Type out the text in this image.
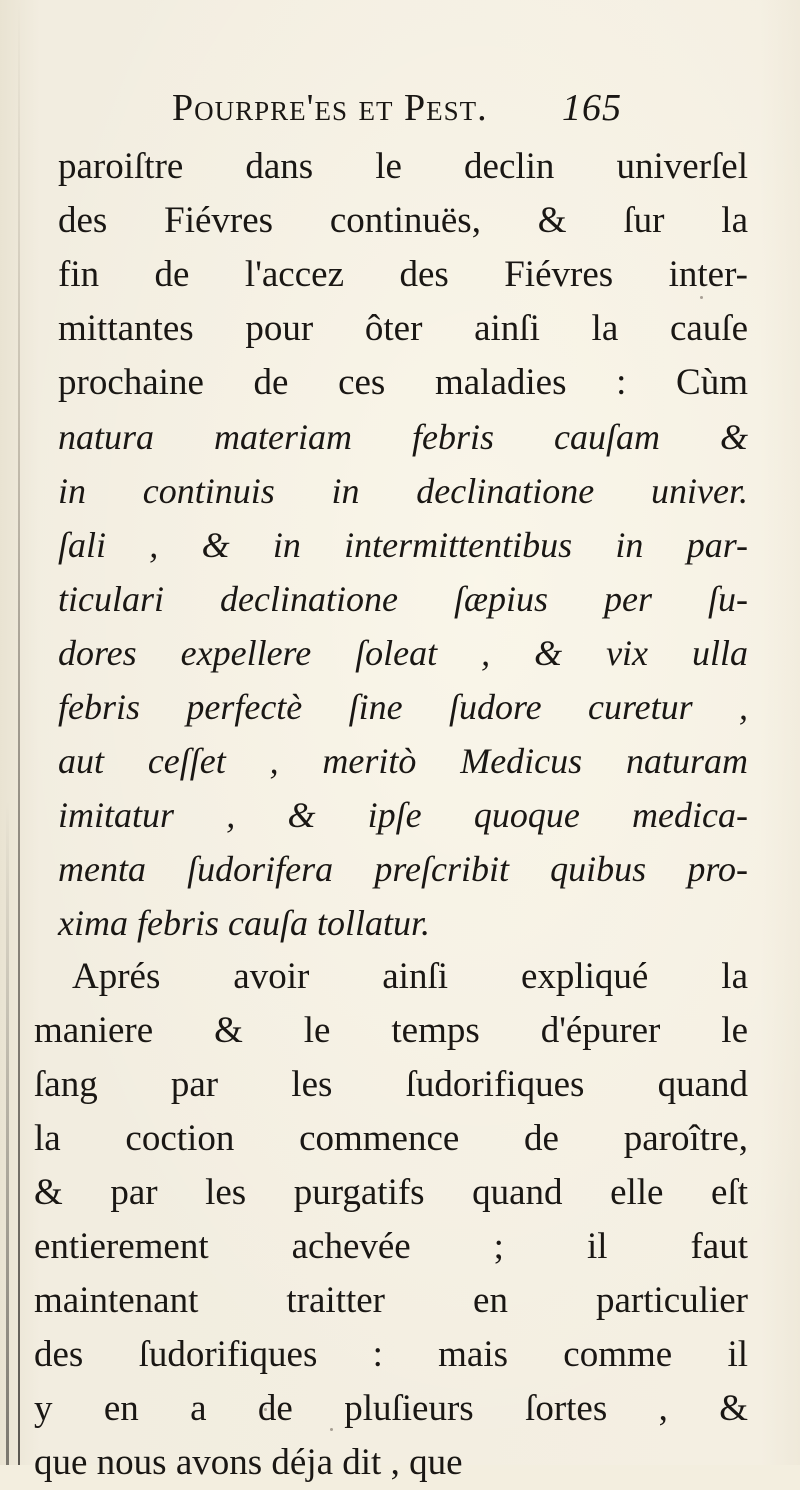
Pourpre'es et Pest. 165
paroiſtre dans le declin univerſel
des Fiévres continuës, & ſur la
fin de l'accez des Fiévres inter-
mittantes pour ôter ainſi la cauſe
prochaine de ces maladies : Cùm
natura materiam febris cauſam &
in continuis in declinatione univer.
ſali , & in intermittentibus in par-
ticulari declinatione ſæpius per ſu-
dores expellere ſoleat , & vix ulla
febris perfectè ſine ſudore curetur ,
aut ceſſet , meritò Medicus naturam
imitatur , & ipſe quoque medica-
menta ſudorifera preſcribit quibus pro-
xima febris cauſa tollatur.
Aprés avoir ainſi expliqué la
maniere & le temps d'épurer le
ſang par les ſudorifiques quand
la coction commence de paroître,
& par les purgatifs quand elle eſt
entierement achevée ; il faut
maintenant traitter en particulier
des ſudorifiques : mais comme il
y en a de pluſieurs ſortes , &
que nous avons déja dit , que
